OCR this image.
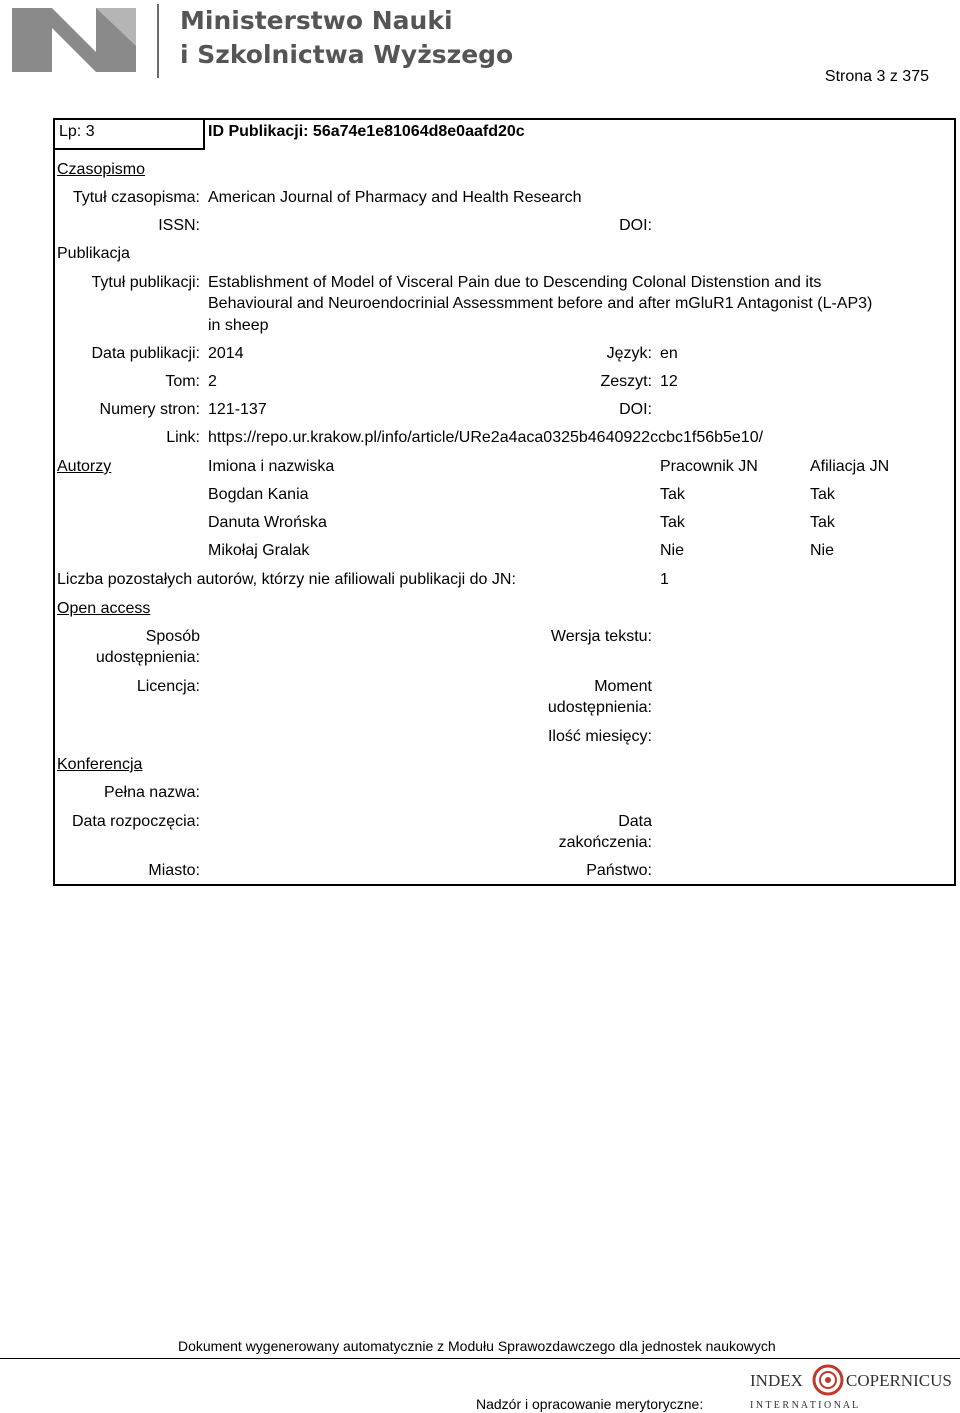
Ministerstwo Nauki
i Szkolnictwa Wyższego
Strona 3 z 375
Lp: 3	ID Publikacji: 56a74e1e81064d8e0aafd20c
Czasopismo
Tytuł czasopisma: American Journal of Pharmacy and Health Research
ISSN:	DOI:
Publikacja
Tytuł publikacji: Establishment of Model of Visceral Pain due to Descending Colonal Distenstion and its
Behavioural and Neuroendocrinial Assessmment before and after mGluR1 Antagonist (L-AP3)
in sheep
Data publikacji: 2014	Język: en
Tom: 2	Zeszyt: 12
Numery stron: 121-137	DOI:
Link: https://repo.ur.krakow.pl/info/article/URe2a4aca0325b4640922ccbc1f56b5e10/
Autorzy	Imiona i nazwiska	Pracownik JN	Afiliacja JN
Bogdan Kania	Tak	Tak
Danuta Wrońska	Tak	Tak
Mikołaj Gralak	Nie	Nie
Liczba pozostałych autorów, którzy nie afiliowali publikacji do JN:	1
Open access
Sposób
udostępnienia:
Wersja tekstu:
Licencja:	Moment
udostępnienia:
Ilość miesięcy:
Konferencja
Pełna nazwa:
Data rozpoczęcia:	Data
zakończenia:
Miasto:	Państwo:
Dokument wygenerowany automatycznie z Modułu Sprawozdawczego dla jednostek naukowych
Nadzór i opracowanie merytoryczne:
INDEX	COPERNICUS
I N T E R N A T I O N A L
